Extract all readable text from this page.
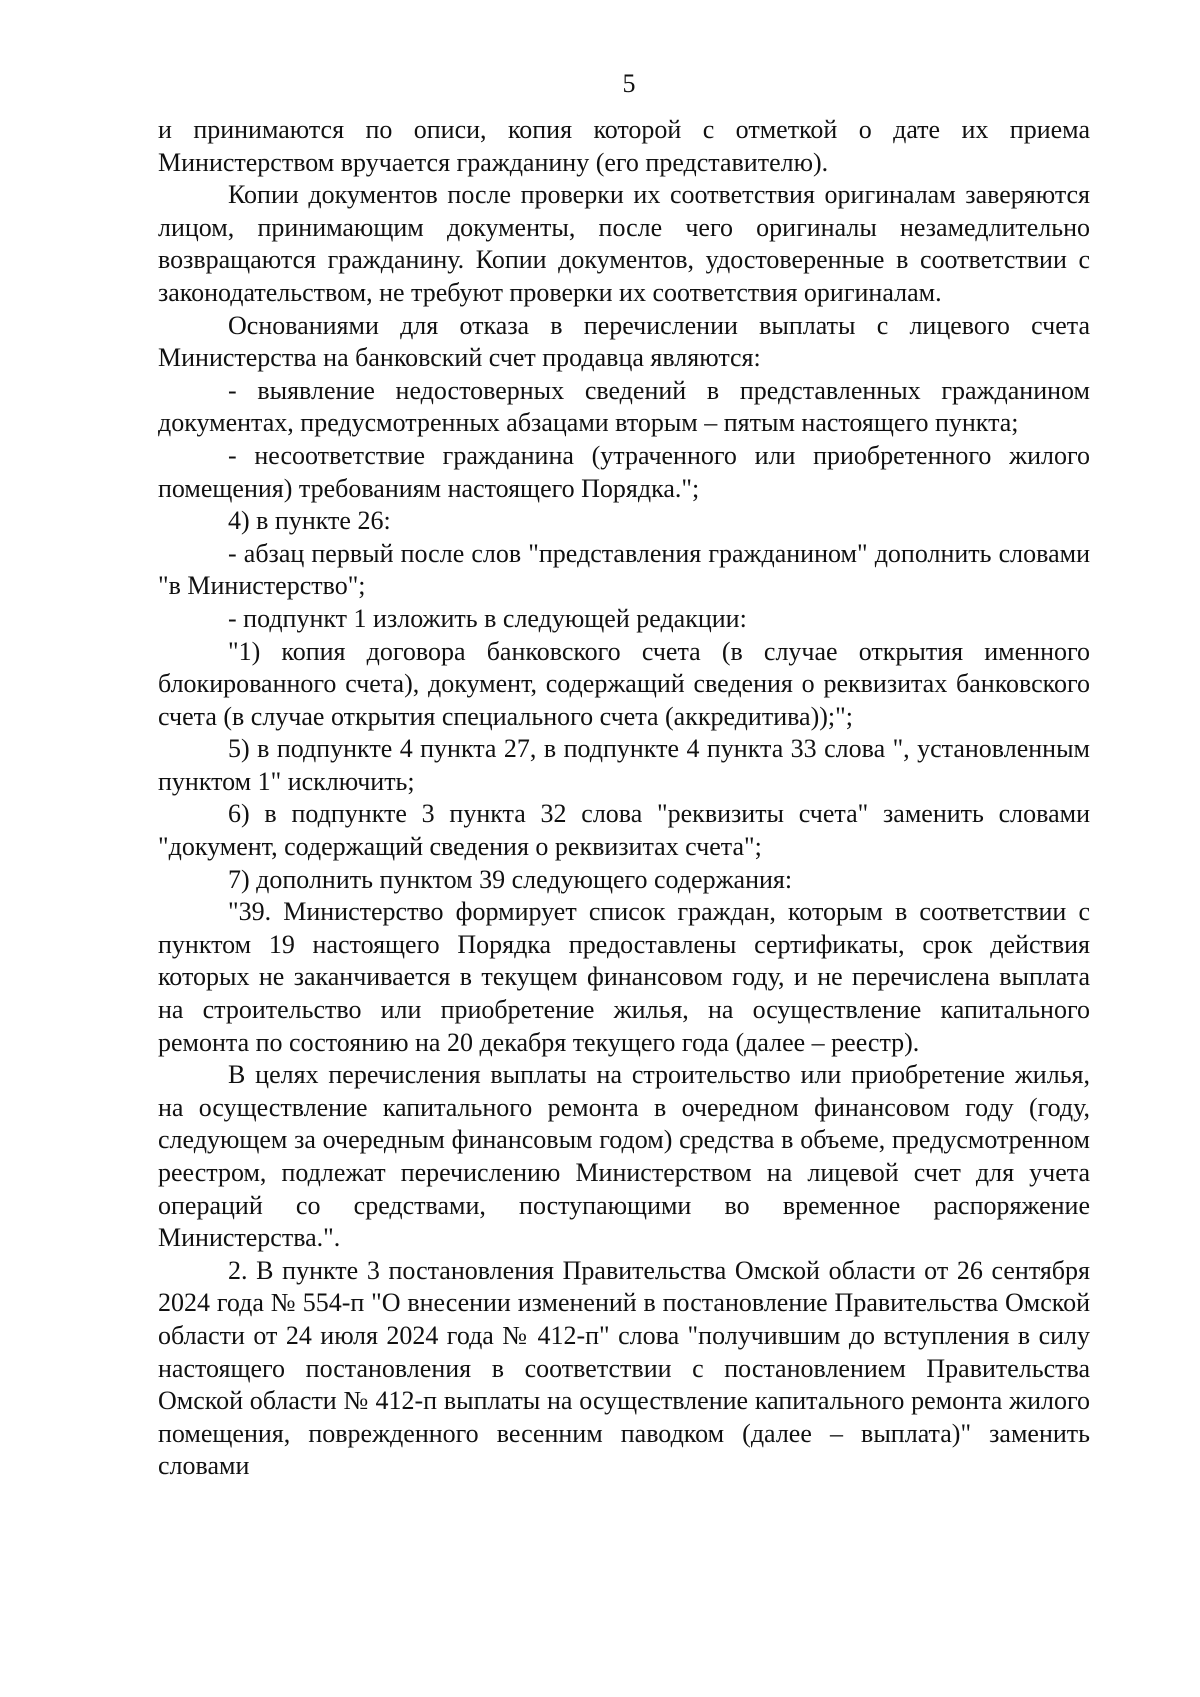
5

и принимаются по описи, копия которой с отметкой о дате их приема Министерством вручается гражданину (его представителю).

Копии документов после проверки их соответствия оригиналам заверяются лицом, принимающим документы, после чего оригиналы незамедлительно возвращаются гражданину. Копии документов, удостоверенные в соответствии с законодательством, не требуют проверки их соответствия оригиналам.

Основаниями для отказа в перечислении выплаты с лицевого счета Министерства на банковский счет продавца являются:

- выявление недостоверных сведений в представленных гражданином документах, предусмотренных абзацами вторым – пятым настоящего пункта;

- несоответствие гражданина (утраченного или приобретенного жилого помещения) требованиям настоящего Порядка.";

4) в пункте 26:

- абзац первый после слов "представления гражданином" дополнить словами "в Министерство";

- подпункт 1 изложить в следующей редакции:

"1) копия договора банковского счета (в случае открытия именного блокированного счета), документ, содержащий сведения о реквизитах банковского счета (в случае открытия специального счета (аккредитива));";

5) в подпункте 4 пункта 27, в подпункте 4 пункта 33 слова ", установленным пунктом 1" исключить;

6) в подпункте 3 пункта 32 слова "реквизиты счета" заменить словами "документ, содержащий сведения о реквизитах счета";

7) дополнить пунктом 39 следующего содержания:

"39. Министерство формирует список граждан, которым в соответствии с пунктом 19 настоящего Порядка предоставлены сертификаты, срок действия которых не заканчивается в текущем финансовом году, и не перечислена выплата на строительство или приобретение жилья, на осуществление капитального ремонта по состоянию на 20 декабря текущего года (далее – реестр).

В целях перечисления выплаты на строительство или приобретение жилья, на осуществление капитального ремонта в очередном финансовом году (году, следующем за очередным финансовым годом) средства в объеме, предусмотренном реестром, подлежат перечислению Министерством на лицевой счет для учета операций со средствами, поступающими во временное распоряжение Министерства.".

2. В пункте 3 постановления Правительства Омской области от 26 сентября 2024 года № 554-п "О внесении изменений в постановление Правительства Омской области от 24 июля 2024 года № 412-п" слова "получившим до вступления в силу настоящего постановления в соответствии с постановлением Правительства Омской области № 412-п выплаты на осуществление капитального ремонта жилого помещения, поврежденного весенним паводком (далее – выплата)" заменить словами
